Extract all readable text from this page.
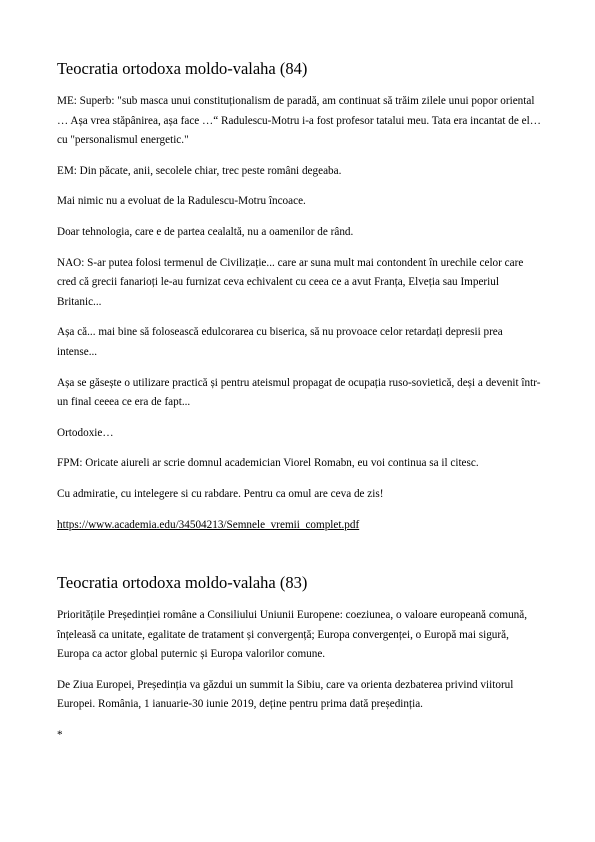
Teocratia ortodoxa moldo-valaha (84)

ME: Superb: "sub masca unui constituționalism de paradă, am continuat să trăim zilele unui popor oriental … Așa vrea stăpânirea, așa face …“ Radulescu-Motru i-a fost profesor tatalui meu. Tata era incantat de el… cu "personalismul energetic."

EM: Din păcate, anii, secolele chiar, trec peste români degeaba.

Mai nimic nu a evoluat de la Radulescu-Motru încoace.

Doar tehnologia, care e de partea cealaltă, nu a oamenilor de rând.

NAO: S-ar putea folosi termenul de Civilizație... care ar suna mult mai contondent în urechile celor care cred că grecii fanarioți le-au furnizat ceva echivalent cu ceea ce a avut Franța, Elveția sau Imperiul Britanic...

Așa că... mai bine să folosească edulcorarea cu biserica, să nu provoace celor retardați depresii prea intense...

Așa se găsește o utilizare practică și pentru ateismul propagat de ocupația ruso-sovietică, deși a devenit într-un final ceeea ce era de fapt...

Ortodoxie…

FPM: Oricate aiureli ar scrie domnul academician Viorel Romabn, eu voi continua sa il citesc.

Cu admiratie, cu intelegere si cu rabdare. Pentru ca omul are ceva de zis!

https://www.academia.edu/34504213/Semnele_vremii_complet.pdf

Teocratia ortodoxa moldo-valaha (83)

Prioritățile Președinției române a Consiliului Uniunii Europene: coeziunea, o valoare europeană comună, înțeleasă ca unitate, egalitate de tratament și convergență; Europa convergenței, o Europă mai sigură, Europa ca actor global puternic și Europa valorilor comune.

De Ziua Europei, Președinția va găzdui un summit la Sibiu, care va orienta dezbaterea privind viitorul Europei. România, 1 ianuarie-30 iunie 2019, deține pentru prima dată președinția.

*
